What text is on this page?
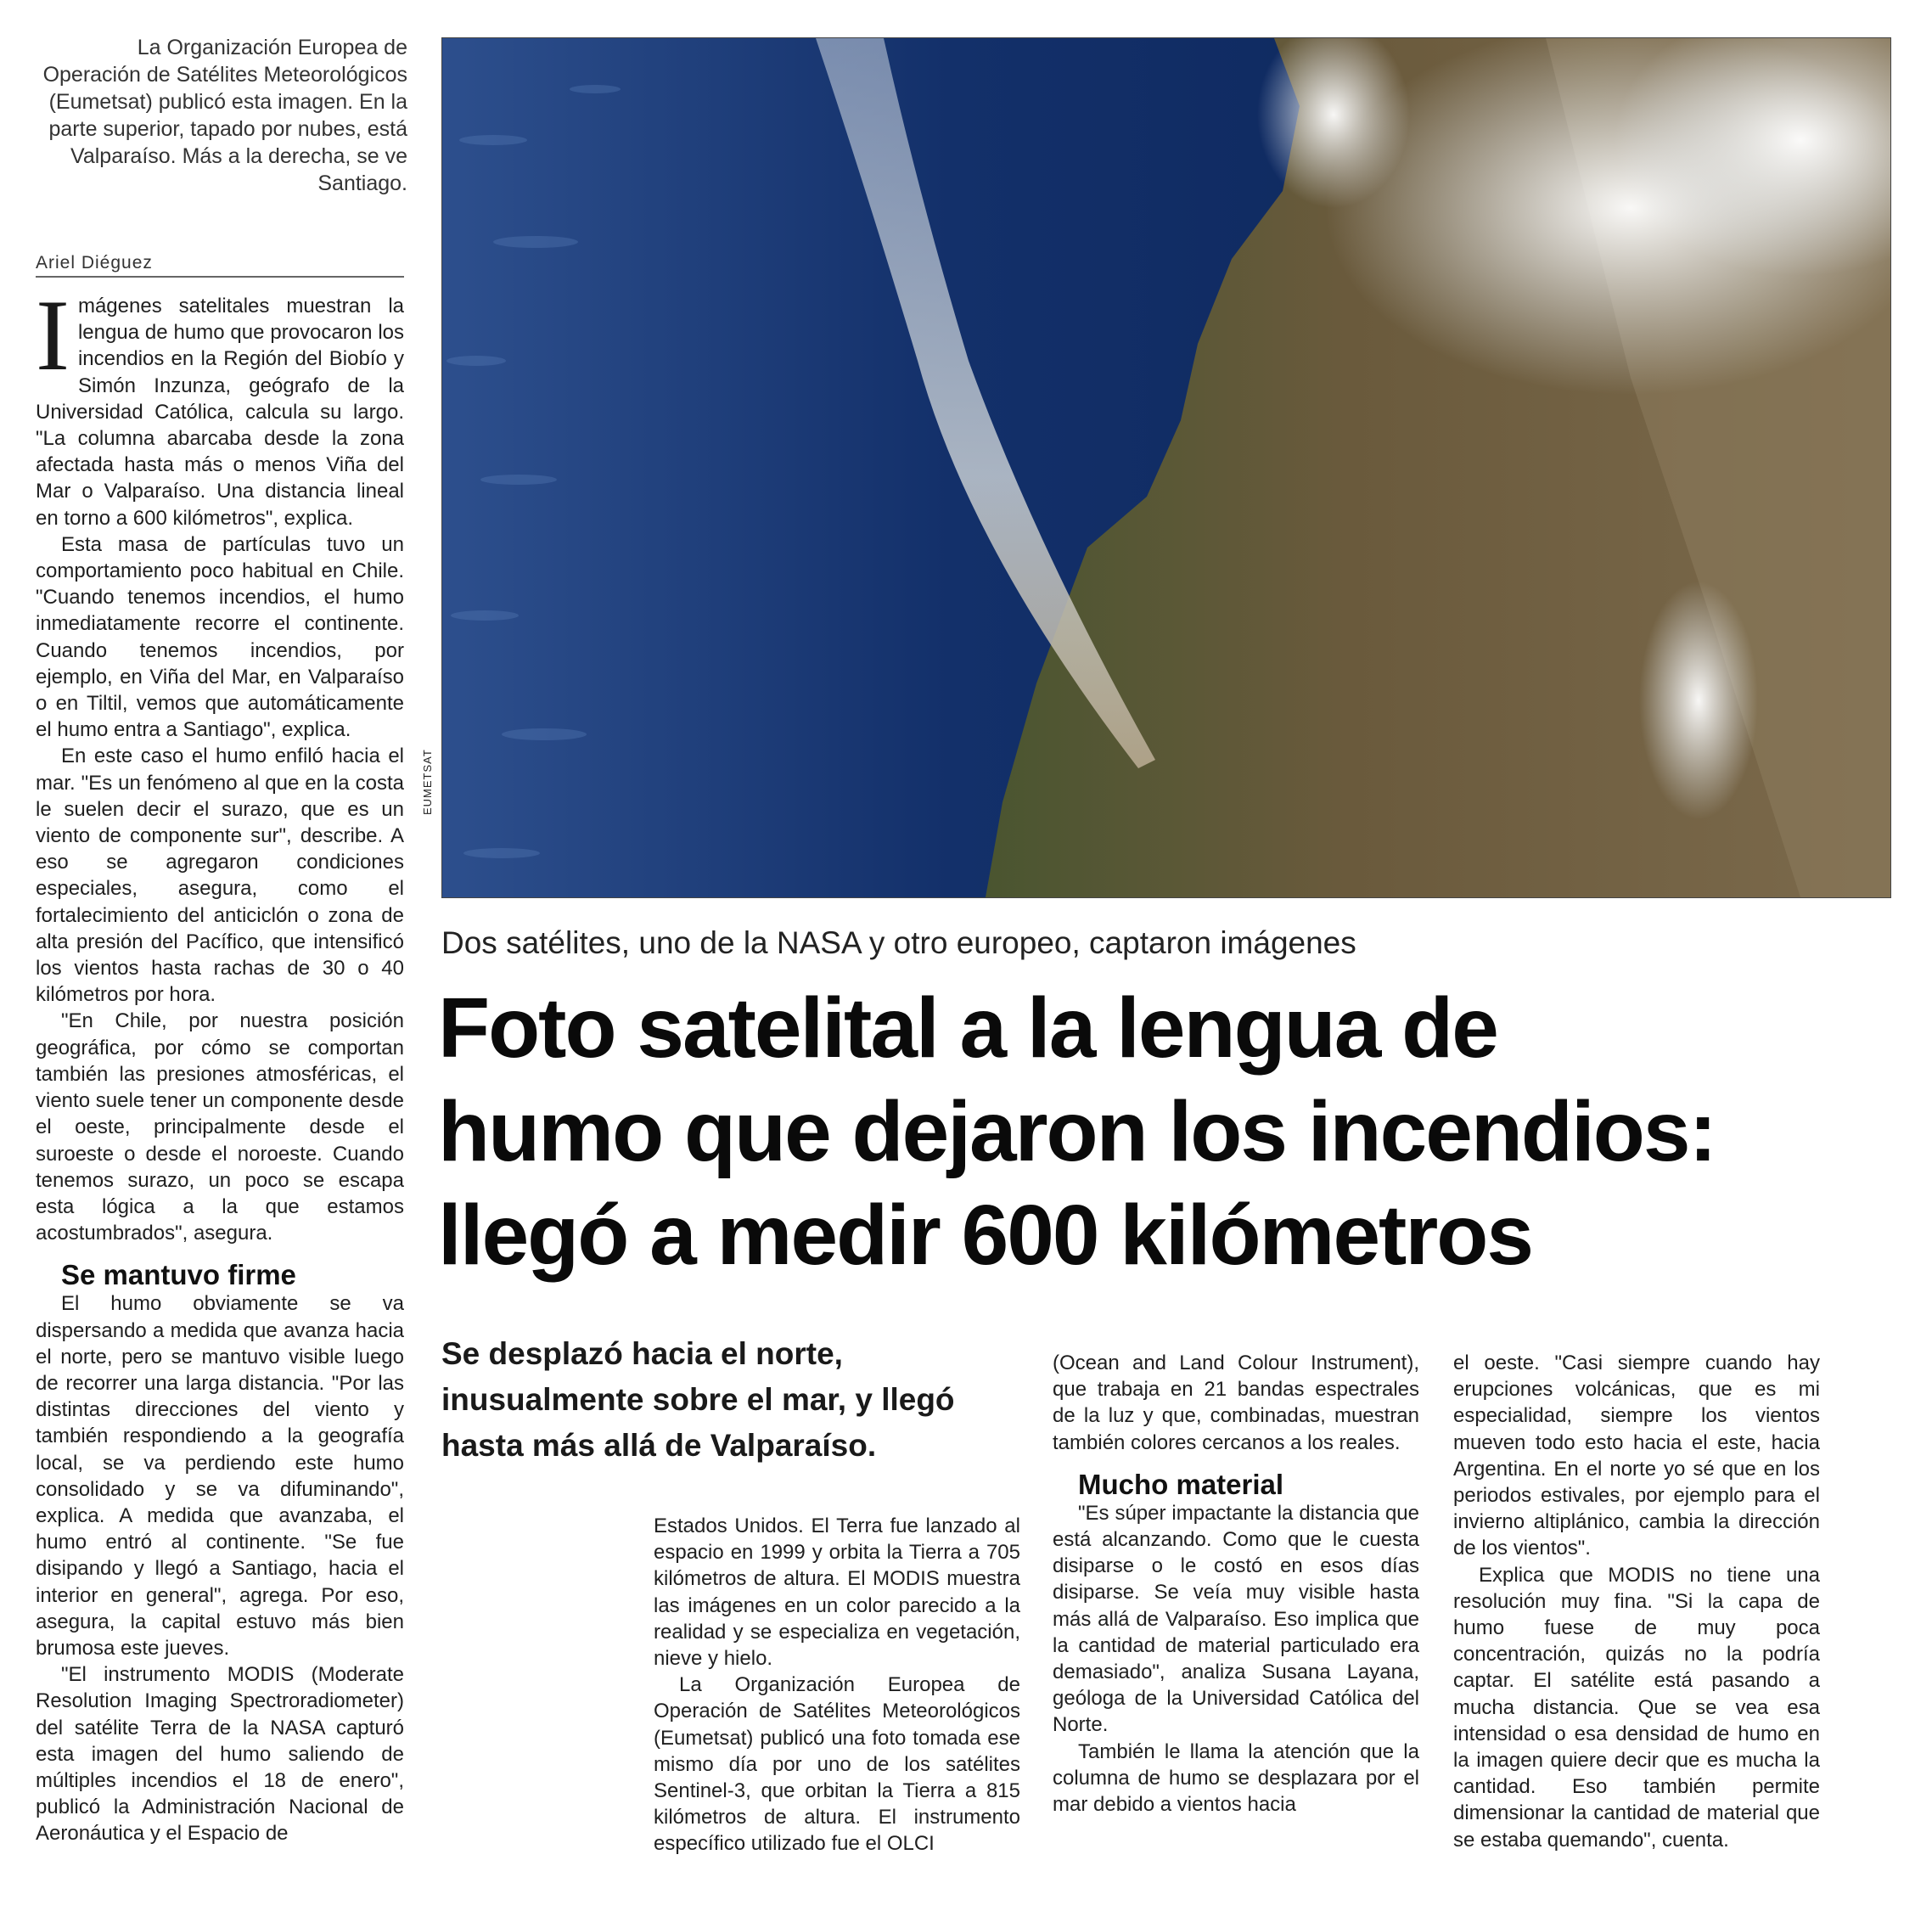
La Organización Europea de Operación de Satélites Meteorológicos (Eumetsat) publicó esta imagen. En la parte superior, tapado por nubes, está Valparaíso. Más a la derecha, se ve Santiago.
Ariel Diéguez

Imágenes satelitales muestran la lengua de humo que provocaron los incendios en la Región del Biobío y Simón Inzunza, geógrafo de la Universidad Católica, calcula su largo. "La columna abarcaba desde la zona afectada hasta más o menos Viña del Mar o Valparaíso. Una distancia lineal en torno a 600 kilómetros", explica.

Esta masa de partículas tuvo un comportamiento poco habitual en Chile. "Cuando tenemos incendios, el humo inmediatamente recorre el continente. Cuando tenemos incendios, por ejemplo, en Viña del Mar, en Valparaíso o en Tiltil, vemos que automáticamente el humo entra a Santiago", explica.

En este caso el humo enfiló hacia el mar. "Es un fenómeno al que en la costa le suelen decir el surazo, que es un viento de componente sur", describe. A eso se agregaron condiciones especiales, asegura, como el fortalecimiento del anticiclón o zona de alta presión del Pacífico, que intensificó los vientos hasta rachas de 30 o 40 kilómetros por hora.

"En Chile, por nuestra posición geográfica, por cómo se comportan también las presiones atmosféricas, el viento suele tener un componente desde el oeste, principalmente desde el suroeste o desde el noroeste. Cuando tenemos surazo, un poco se escapa esta lógica a la que estamos acostumbrados", asegura.

Se mantuvo firme

El humo obviamente se va dispersando a medida que avanza hacia el norte, pero se mantuvo visible luego de recorrer una larga distancia. "Por las distintas direcciones del viento y también respondiendo a la geografía local, se va perdiendo este humo consolidado y se va difuminando", explica. A medida que avanzaba, el humo entró al continente. "Se fue disipando y llegó a Santiago, hacia el interior en general", agrega. Por eso, asegura, la capital estuvo más bien brumosa este jueves.

"El instrumento MODIS (Moderate Resolution Imaging Spectroradiometer) del satélite Terra de la NASA capturó esta imagen del humo saliendo de múltiples incendios el 18 de enero", publicó la Administración Nacional de Aeronáutica y el Espacio de

EUMETSAT
Dos satélites, uno de la NASA y otro europeo, captaron imágenes
Foto satelital a la lengua de
humo que dejaron los incendios:
llegó a medir 600 kilómetros
Se desplazó hacia el norte, inusualmente sobre el mar, y llegó hasta más allá de Valparaíso.

Estados Unidos. El Terra fue lanzado al espacio en 1999 y orbita la Tierra a 705 kilómetros de altura. El MODIS muestra las imágenes en un color parecido a la realidad y se especializa en vegetación, nieve y hielo.

La Organización Europea de Operación de Satélites Meteorológicos (Eumetsat) publicó una foto tomada ese mismo día por uno de los satélites Sentinel-3, que orbitan la Tierra a 815 kilómetros de altura. El instrumento específico utilizado fue el OLCI

(Ocean and Land Colour Instrument), que trabaja en 21 bandas espectrales de la luz y que, combinadas, muestran también colores cercanos a los reales.

Mucho material

"Es súper impactante la distancia que está alcanzando. Como que le cuesta disiparse o le costó en esos días disiparse. Se veía muy visible hasta más allá de Valparaíso. Eso implica que la cantidad de material particulado era demasiado", analiza Susana Layana, geóloga de la Universidad Católica del Norte.

También le llama la atención que la columna de humo se desplazara por el mar debido a vientos hacia

el oeste. "Casi siempre cuando hay erupciones volcánicas, que es mi especialidad, siempre los vientos mueven todo esto hacia el este, hacia Argentina. En el norte yo sé que en los periodos estivales, por ejemplo para el invierno altiplánico, cambia la dirección de los vientos".

Explica que MODIS no tiene una resolución muy fina. "Si la capa de humo fuese de muy poca concentración, quizás no la podría captar. El satélite está pasando a mucha distancia. Que se vea esa intensidad o esa densidad de humo en la imagen quiere decir que es mucha la cantidad. Eso también permite dimensionar la cantidad de material que se estaba quemando", cuenta.
